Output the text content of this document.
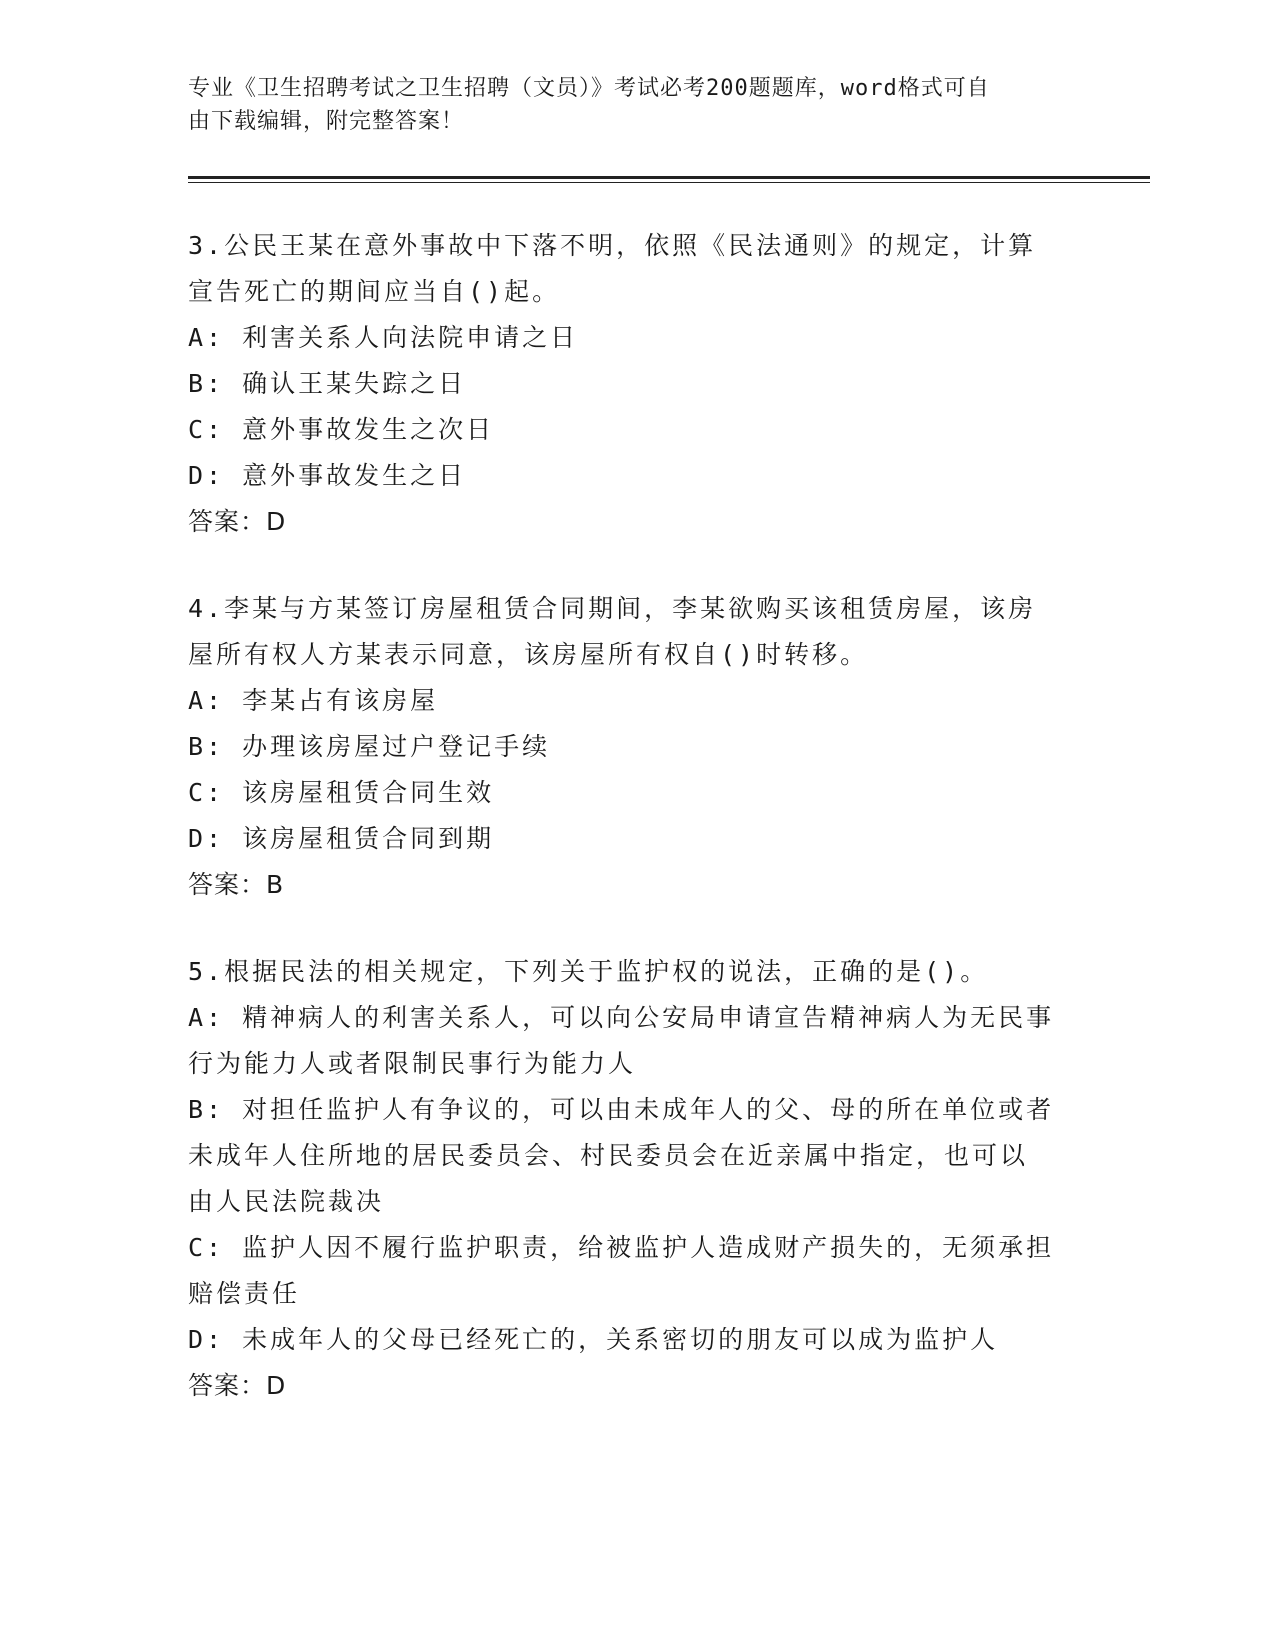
专业《卫生招聘考试之卫生招聘（文员）》考试必考200题题库，word格式可自
由下载编辑，附完整答案！
3.公民王某在意外事故中下落不明，依照《民法通则》的规定，计算
宣告死亡的期间应当自()起。
A: 利害关系人向法院申请之日
B: 确认王某失踪之日
C: 意外事故发生之次日
D: 意外事故发生之日
答案：D
4.李某与方某签订房屋租赁合同期间，李某欲购买该租赁房屋，该房
屋所有权人方某表示同意，该房屋所有权自()时转移。
A: 李某占有该房屋
B: 办理该房屋过户登记手续
C: 该房屋租赁合同生效
D: 该房屋租赁合同到期
答案：B
5.根据民法的相关规定，下列关于监护权的说法，正确的是()。
A: 精神病人的利害关系人，可以向公安局申请宣告精神病人为无民事
行为能力人或者限制民事行为能力人
B: 对担任监护人有争议的，可以由未成年人的父、母的所在单位或者
未成年人住所地的居民委员会、村民委员会在近亲属中指定，也可以
由人民法院裁决
C: 监护人因不履行监护职责，给被监护人造成财产损失的，无须承担
赔偿责任
D: 未成年人的父母已经死亡的，关系密切的朋友可以成为监护人
答案：D
